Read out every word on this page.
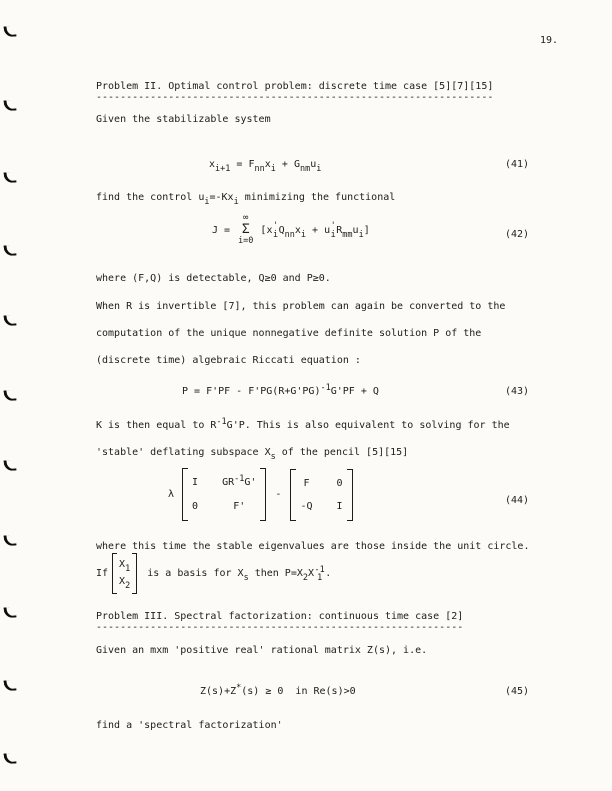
19.
Problem II. Optimal control problem: discrete time case [5][7][15]
------------------------------------------------------------------
Given the stabilizable system
$x_{i+1} = F_{nn}x_i + G_{nm}u_i$	(41)
find the control $u_i=-Kx_i$ minimizing the functional
J =
∞
Σ
i=0
[x '
i $Q_{nn}x_i + u$ '
i $R_{mm}u_i$]	(42)
where (F,Q) is detectable, Q≥0 and P≥0.
When R is invertible [7], this problem can again be converted to the
computation of the unique nonnegative definite solution P of the
(discrete time) algebraic Riccati equation :
$P = F'PF - F'PG(R+G'PG)^{-1}G'PF + Q$	(43)
K is then equal to $R^{-1}G'P$. This is also equivalent to solving for the
'stable' deflating subspace $X_s$ of the pencil [5][15]
λ
I $GR^{-1}G'$
0	F'
-
F	0
-Q I	(44)
where this time the stable eigenvalues are those inside the unit circle.
If
$X_1$
$X_2$
is a basis for $X_s$ then $P=X_2X$ -1
1 .
Problem III. Spectral factorization: continuous time case [2]
-------------------------------------------------------------
Given an mxm 'positive real' rational matrix Z(s), i.e.
Z(s)+Z*(s) ≥ 0  in Re(s)>0	(45)
find a 'spectral factorization'
